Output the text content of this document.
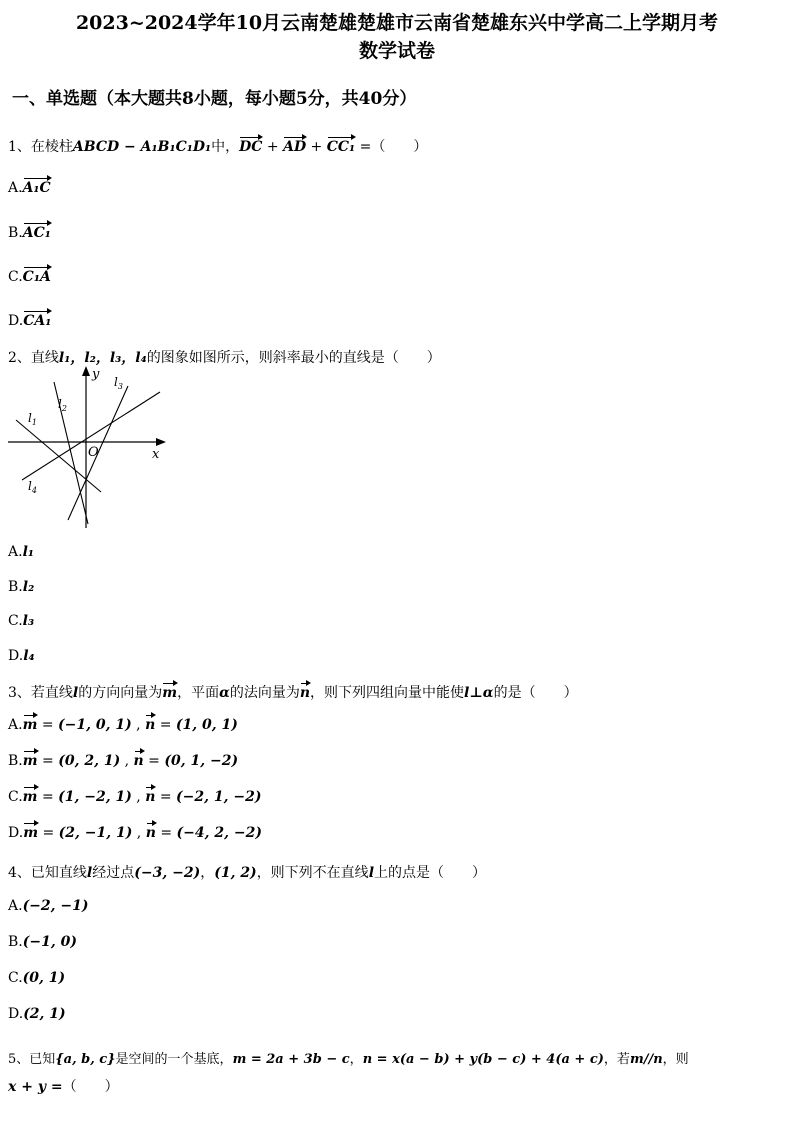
2023~2024学年10月云南楚雄楚雄市云南省楚雄东兴中学高二上学期月考
数学试卷
一、单选题（本大题共8小题，每小题5分，共40分）
1、在棱柱ABCD − A₁B₁C₁D₁中，DC + AD + CC₁ =（　　）
A.A₁C
B.AC₁
C.C₁A
D.CA₁
2、直线l₁，l₂，l₃，l₄的图象如图所示，则斜率最小的直线是（　　）
y
x
O
$l_1$
$l_2$
$l_3$
$l_4$
A.l₁
B.l₂
C.l₃
D.l₄
3、若直线l的方向向量为m，平面α的法向量为n，则下列四组向量中能使l⊥α的是（　　）
A.m = (−1, 0, 1) , n = (1, 0, 1)
B.m = (0, 2, 1) , n = (0, 1, −2)
C.m = (1, −2, 1) , n = (−2, 1, −2)
D.m = (2, −1, 1) , n = (−4, 2, −2)
4、已知直线l经过点(−3, −2)，(1, 2)，则下列不在直线l上的点是（　　）
A.(−2, −1)
B.(−1, 0)
C.(0, 1)
D.(2, 1)
5、已知{a, b, c}是空间的一个基底，m = 2a + 3b − c，n = x(a − b) + y(b − c) + 4(a + c)，若m//n，则
x + y =（　　）
